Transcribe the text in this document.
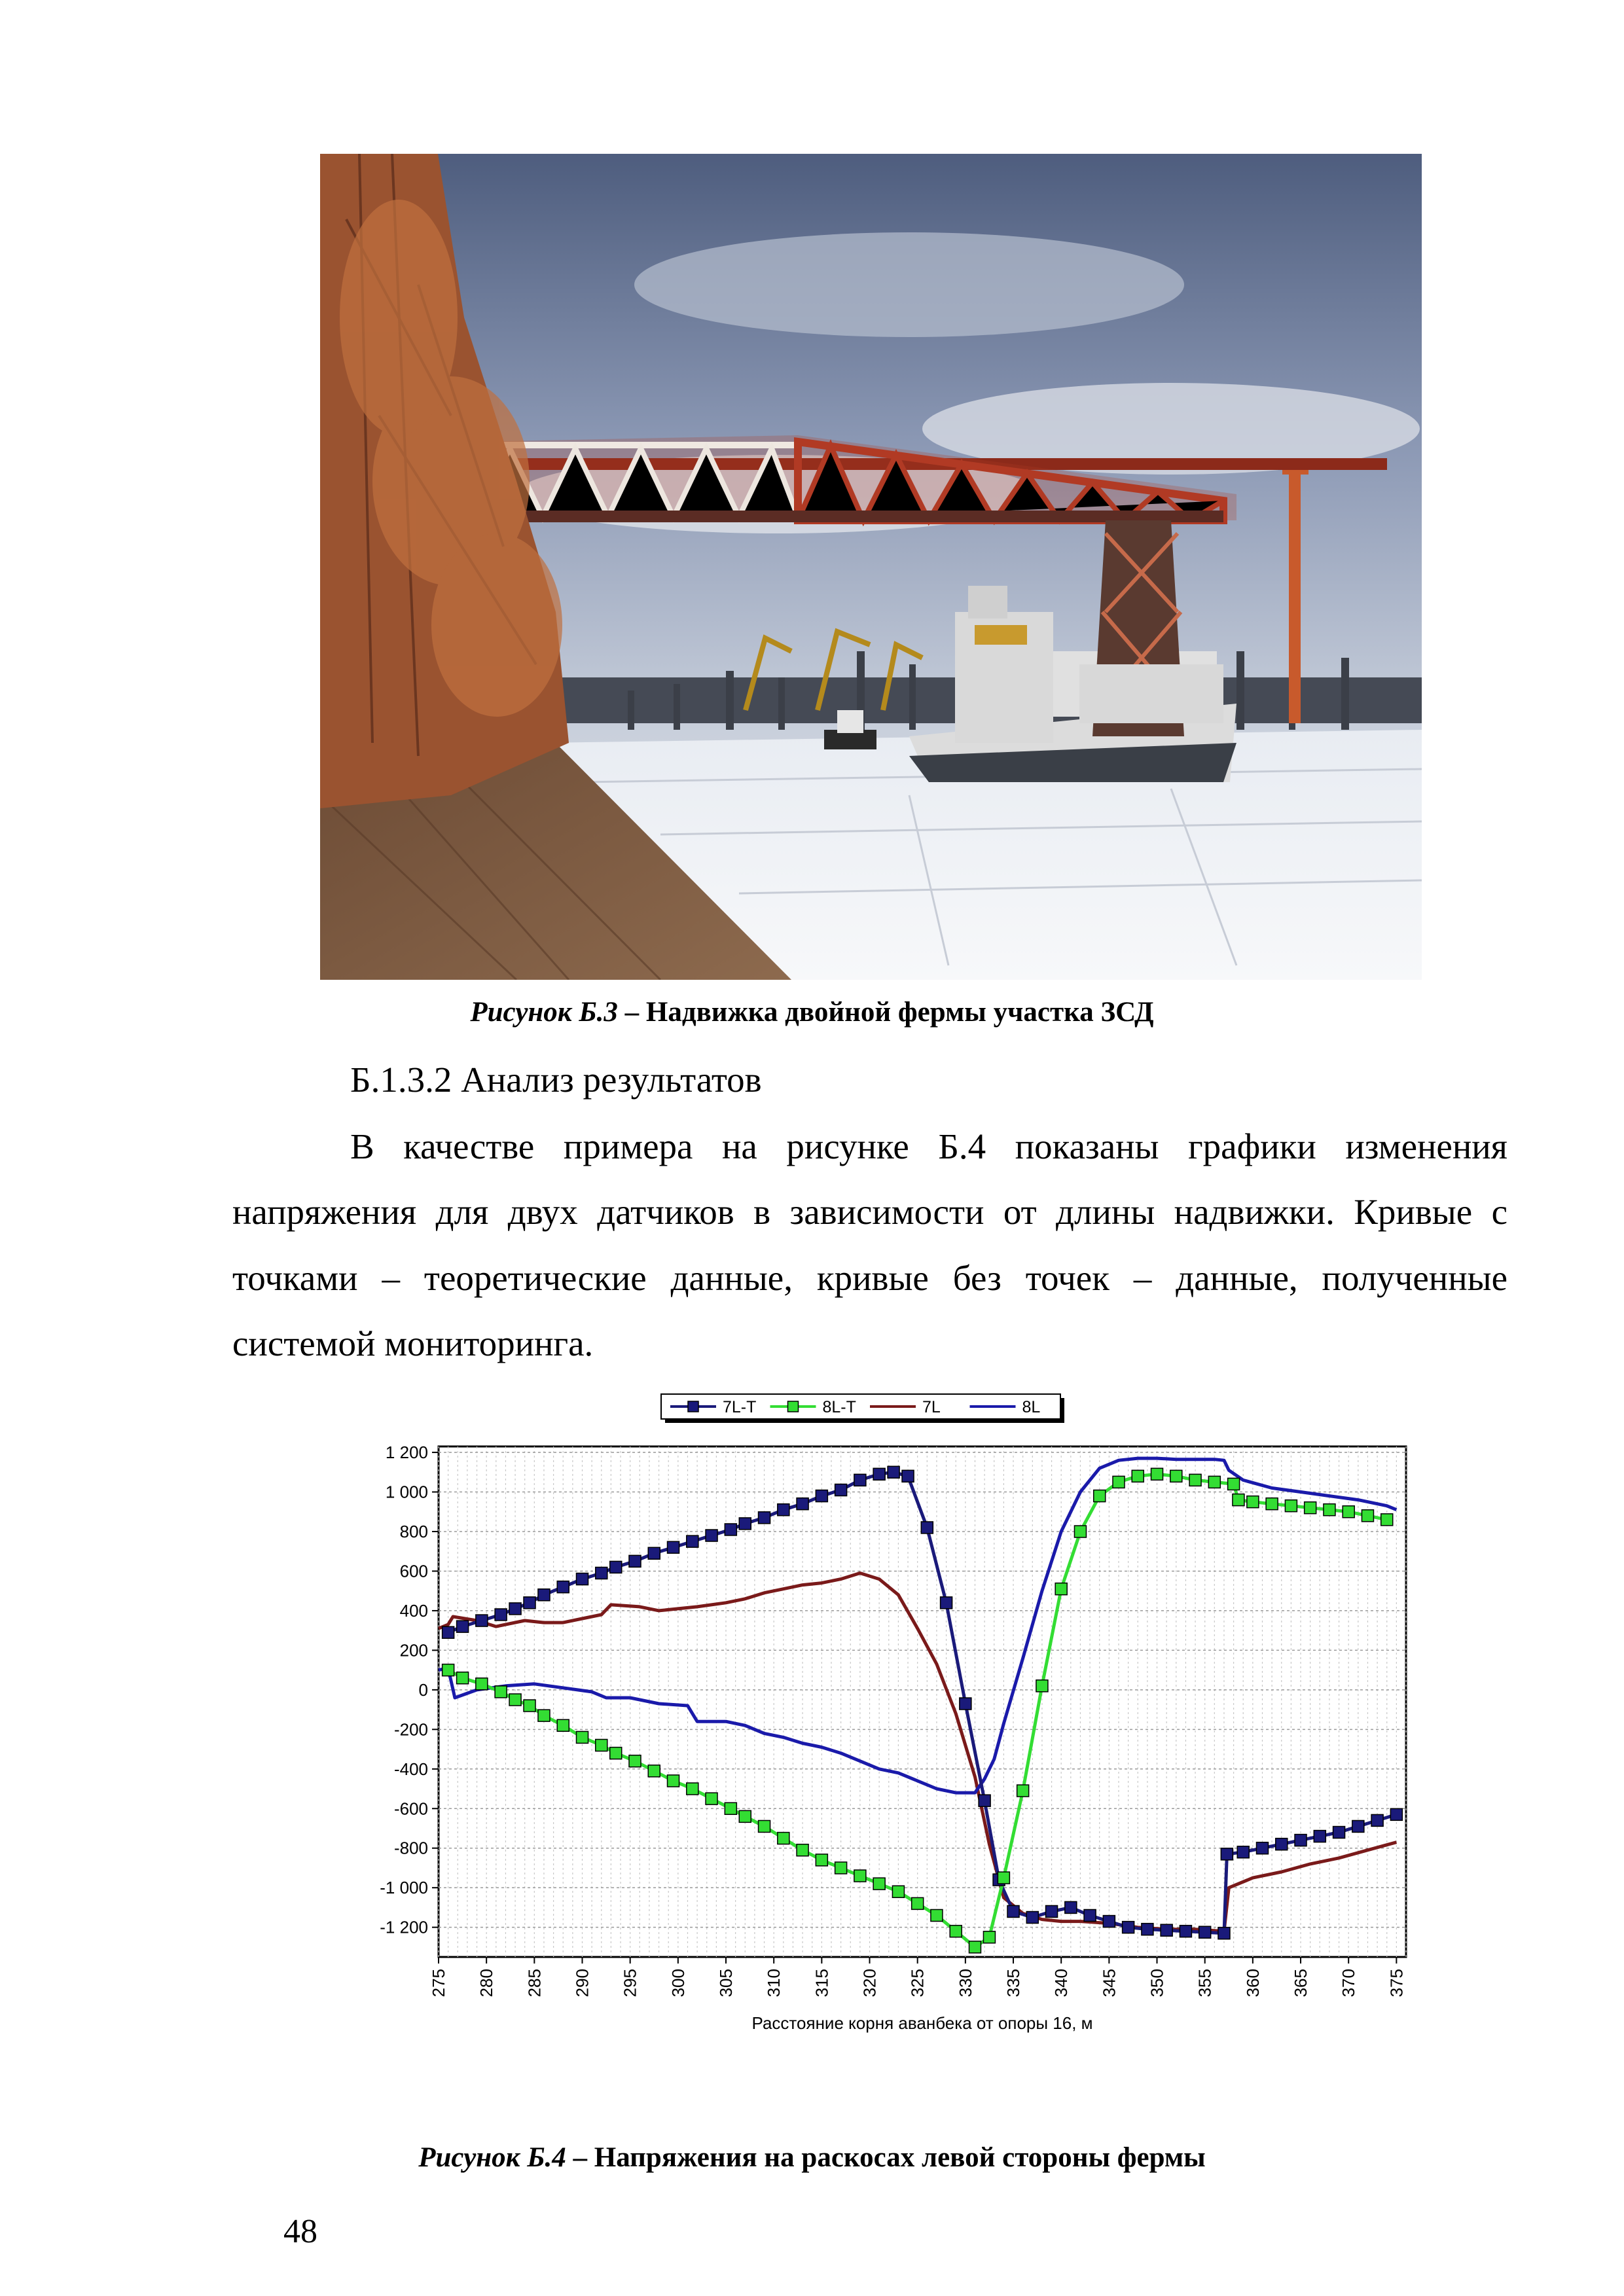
Рисунок Б.3 – Надвижка двойной фермы участка ЗСД
Б.1.3.2 Анализ результатов
В качестве примера на рисунке Б.4 показаны графики изменения
напряжения для двух датчиков в зависимости от длины надвижки. Кривые с
точками – теоретические данные, кривые без точек – данные, полученные
системой мониторинга.
1 200
1 000
800
600
400
200
0
-200
-400
-600
-800
-1 000
-1 200
275 280 285 290 295 300 305 310 315 320 325 330 335 340 345 350 355 360 365 370 375
Расстояние корня аванбека от опоры 16, м
7L-T	8L-T	7L	8L
Рисунок Б.4 – Напряжения на раскосах левой стороны фермы
48
